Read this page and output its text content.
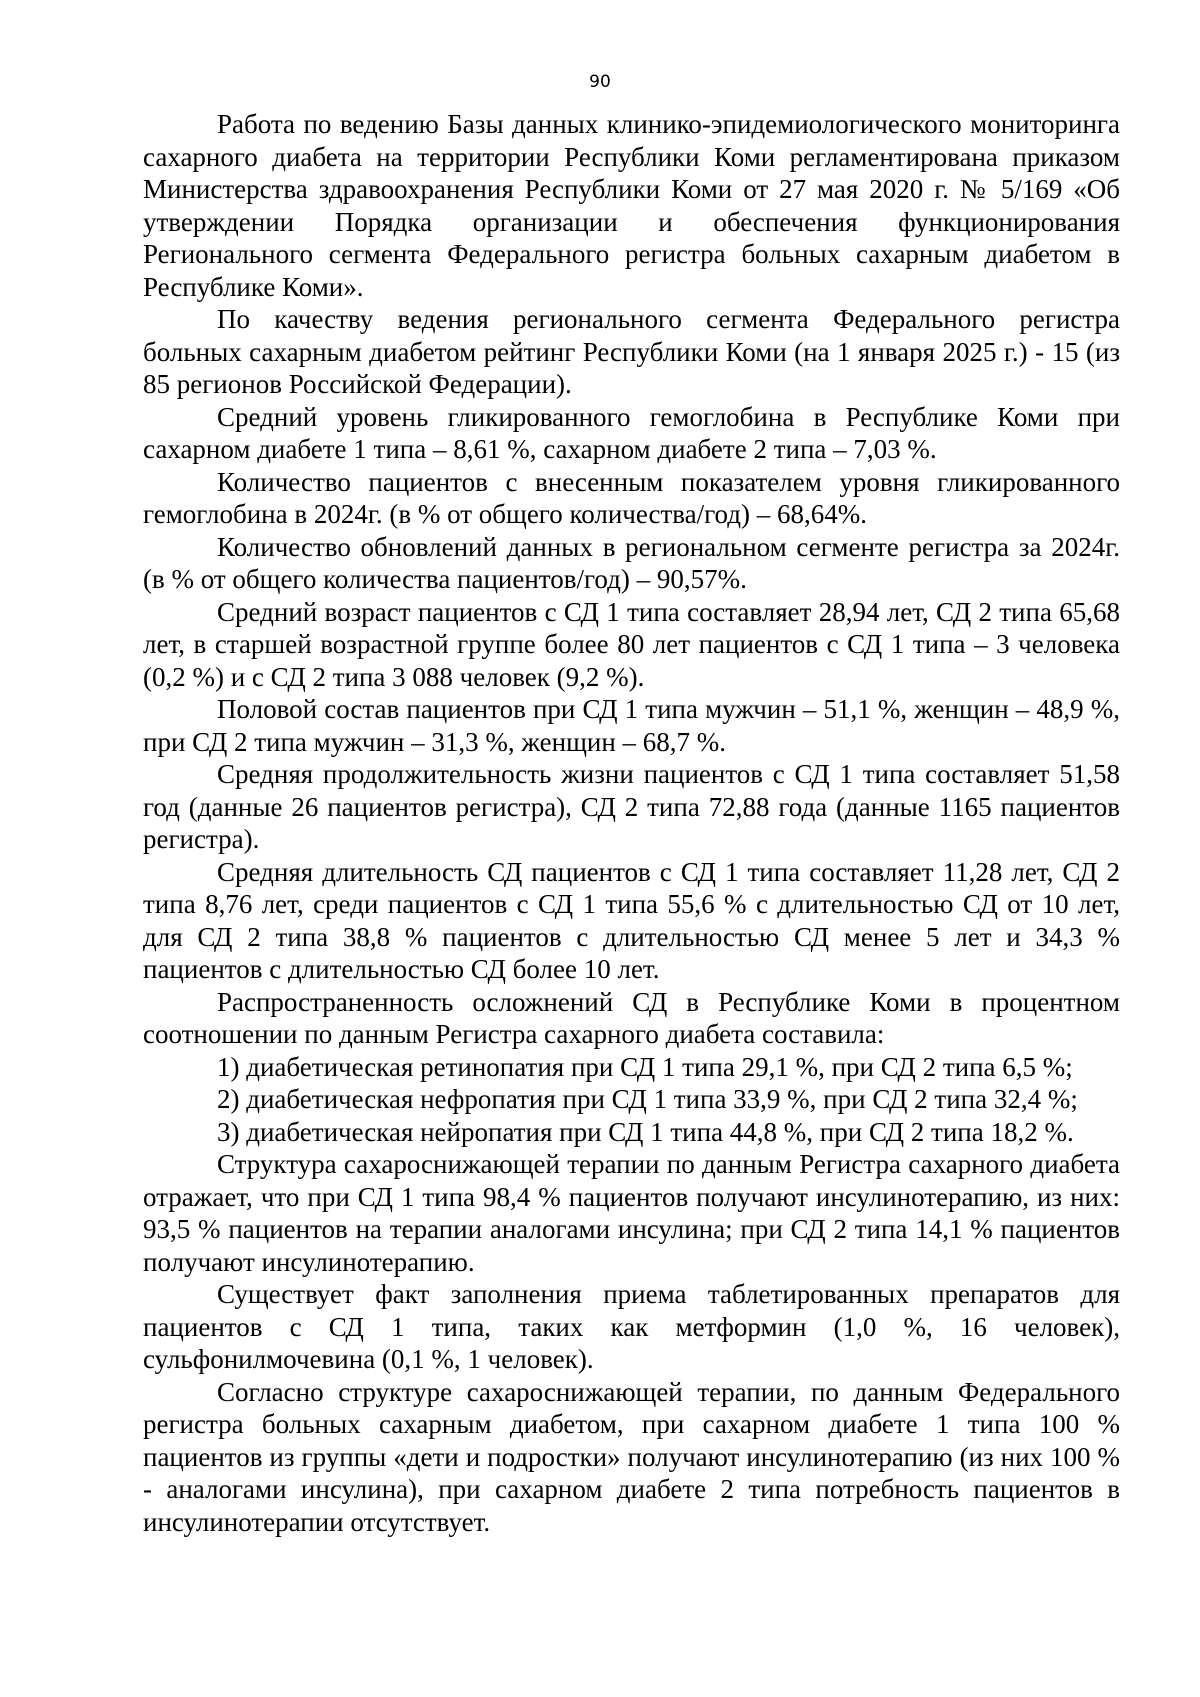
90

Работа по ведению Базы данных клинико-эпидемиологического мониторинга сахарного диабета на территории Республики Коми регламентирована приказом Министерства здравоохранения Республики Коми от 27 мая 2020 г. № 5/169 «Об утверждении Порядка организации и обеспечения функционирования Регионального сегмента Федерального регистра больных сахарным диабетом в Республике Коми».

По качеству ведения регионального сегмента Федерального регистра больных сахарным диабетом рейтинг Республики Коми (на 1 января 2025 г.) - 15 (из 85 регионов Российской Федерации).

Средний уровень гликированного гемоглобина в Республике Коми при сахарном диабете 1 типа – 8,61 %, сахарном диабете 2 типа – 7,03 %.

Количество пациентов с внесенным показателем уровня гликированного гемоглобина в 2024г. (в % от общего количества/год) – 68,64%.

Количество обновлений данных в региональном сегменте регистра за 2024г. (в % от общего количества пациентов/год) – 90,57%.

Средний возраст пациентов с СД 1 типа составляет 28,94 лет, СД 2 типа 65,68 лет, в старшей возрастной группе более 80 лет пациентов с СД 1 типа – 3 человека (0,2 %) и с СД 2 типа 3 088 человек (9,2 %).

Половой состав пациентов при СД 1 типа мужчин – 51,1 %, женщин – 48,9 %, при СД 2 типа мужчин – 31,3 %, женщин – 68,7 %.

Средняя продолжительность жизни пациентов с СД 1 типа составляет 51,58 год (данные 26 пациентов регистра), СД 2 типа 72,88 года (данные 1165 пациентов регистра).

Средняя длительность СД пациентов с СД 1 типа составляет 11,28 лет, СД 2 типа 8,76 лет, среди пациентов с СД 1 типа 55,6 % с длительностью СД от 10 лет, для СД 2 типа 38,8 % пациентов с длительностью СД менее 5 лет и 34,3 % пациентов с длительностью СД более 10 лет.

Распространенность осложнений СД в Республике Коми в процентном соотношении по данным Регистра сахарного диабета составила:

1) диабетическая ретинопатия при СД 1 типа 29,1 %, при СД 2 типа 6,5 %;

2) диабетическая нефропатия при СД 1 типа 33,9 %, при СД 2 типа 32,4 %;

3) диабетическая нейропатия при СД 1 типа 44,8 %, при СД 2 типа 18,2 %.

Структура сахароснижающей терапии по данным Регистра сахарного диабета отражает, что при СД 1 типа 98,4 % пациентов получают инсулинотерапию, из них: 93,5 % пациентов на терапии аналогами инсулина; при СД 2 типа 14,1 % пациентов получают инсулинотерапию.

Существует факт заполнения приема таблетированных препаратов для пациентов с СД 1 типа, таких как метформин (1,0 %, 16 человек), сульфонилмочевина (0,1 %, 1 человек).

Согласно структуре сахароснижающей терапии, по данным Федерального регистра больных сахарным диабетом, при сахарном диабете 1 типа 100 % пациентов из группы «дети и подростки» получают инсулинотерапию (из них 100 % - аналогами инсулина), при сахарном диабете 2 типа потребность пациентов в инсулинотерапии отсутствует.
